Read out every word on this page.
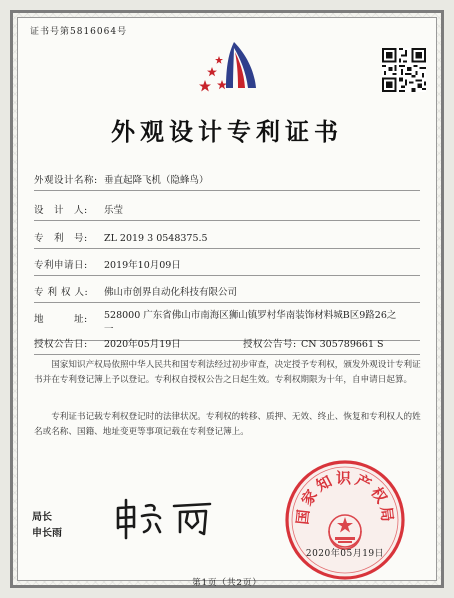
证书号第5816064号
外观设计专利证书
外观设计名称: 垂直起降飞机（隐蜂鸟）
设　计　人: 乐莹
专　利　号: ZL 2019 3 0548375.5
专利申请日: 2019年10月09日
专 利 权 人: 佛山市创界自动化科技有限公司
地　　　址:	528000 广东省佛山市南海区狮山镇罗村华南装饰材料城B区9路26之一
授权公告日: 2020年05月19日	授权公告号: CN 305789661 S
国家知识产权局依照中华人民共和国专利法经过初步审查，决定授予专利权，颁发外观设计专利证书并在专利登记簿上予以登记。专利权自授权公告之日起生效。专利权期限为十年，自申请日起算。
专利证书记载专利权登记时的法律状况。专利权的转移、质押、无效、终止、恢复和专利权人的姓名或名称、国籍、地址变更等事项记载在专利登记簿上。
局长
申长雨
国家知识产权局
2020年05月19日
第1页（共2页）
